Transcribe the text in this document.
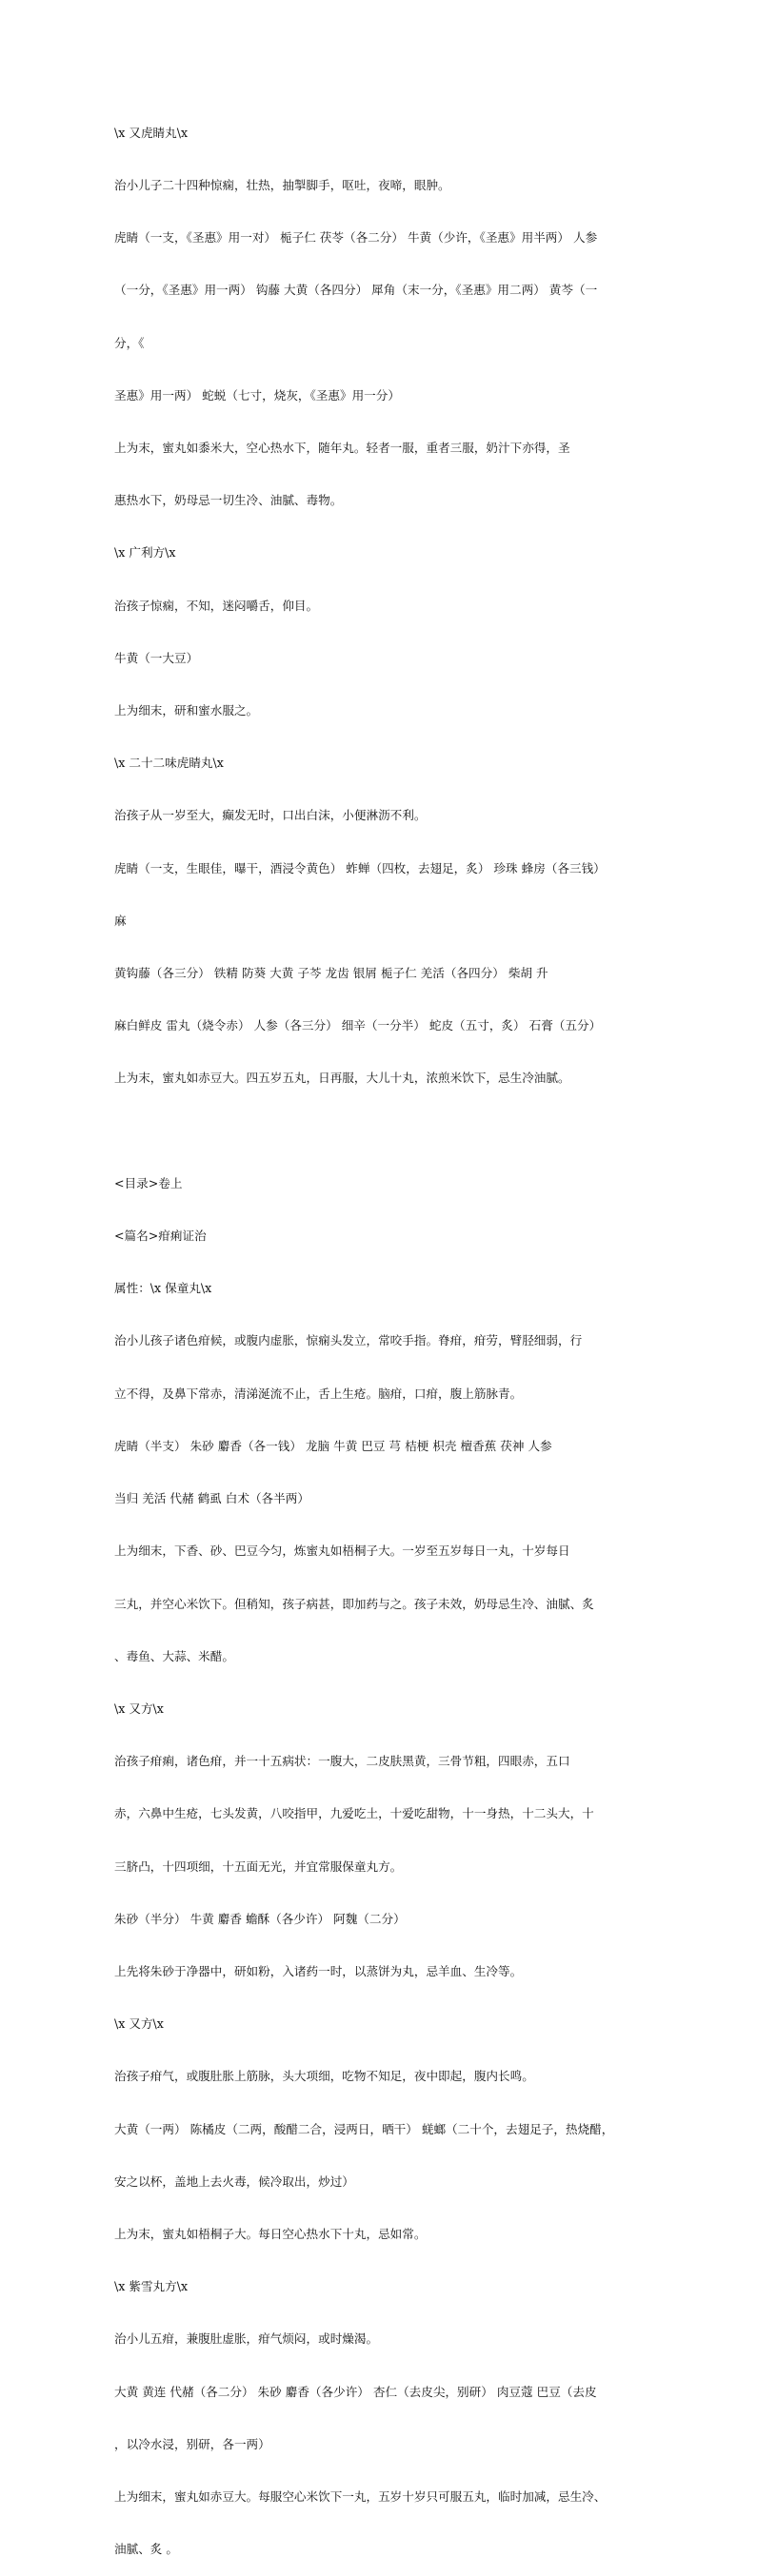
\x 又虎睛丸\x

治小儿子二十四种惊痫，壮热，抽掣脚手，呕吐，夜啼，眼肿。

虎睛（一支，《圣惠》用一对） 栀子仁 茯苓（各二分） 牛黄（少许，《圣惠》用半两） 人参

（一分，《圣惠》用一两） 钩藤 大黄（各四分） 犀角（末一分，《圣惠》用二两） 黄芩（一

分，《

圣惠》用一两） 蛇蜕（七寸，烧灰，《圣惠》用一分）

上为末，蜜丸如黍米大，空心热水下，随年丸。轻者一服，重者三服，奶汁下亦得，圣

惠热水下，奶母忌一切生冷、油腻、毒物。

\x 广利方\x

治孩子惊痫，不知，迷闷嚼舌，仰目。

牛黄（一大豆）

上为细末，研和蜜水服之。

\x 二十二味虎睛丸\x

治孩子从一岁至大，癫发无时，口出白沫，小便淋沥不利。

虎睛（一支，生眼佳，曝干，酒浸令黄色） 蚱蝉（四枚，去翅足，炙） 珍珠 蜂房（各三钱）

麻

黄钩藤（各三分） 铁精 防葵 大黄 子芩 龙齿 银屑 栀子仁 羌活（各四分） 柴胡 升

麻白鲜皮 雷丸（烧令赤） 人参（各三分） 细辛（一分半） 蛇皮（五寸，炙） 石膏（五分）

上为末，蜜丸如赤豆大。四五岁五丸，日再服，大儿十丸，浓煎米饮下，忌生冷油腻。

<目录>卷上

<篇名>疳痢证治

属性：\x 保童丸\x

治小儿孩子诸色疳候，或腹内虚胀，惊痫头发立，常咬手指。脊疳，疳劳，臂胫细弱，行

立不得，及鼻下常赤，清涕涎流不止，舌上生疮。脑疳，口疳，腹上筋脉青。

虎睛（半支） 朱砂 麝香（各一钱） 龙脑 牛黄 巴豆 芎 桔梗 枳壳 檀香蕉 茯神 人参

当归 羌活 代赭 鹤虱 白术（各半两）

上为细末，下香、砂、巴豆今匀，炼蜜丸如梧桐子大。一岁至五岁每日一丸，十岁每日

三丸，并空心米饮下。但稍知，孩子病甚，即加药与之。孩子未效，奶母忌生冷、油腻、炙

、毒鱼、大蒜、米醋。

\x 又方\x

治孩子疳痢，诸色疳，并一十五病状：一腹大，二皮肤黑黄，三骨节粗，四眼赤，五口

赤，六鼻中生疮，七头发黄，八咬指甲，九爱吃土，十爱吃甜物，十一身热，十二头大，十

三脐凸，十四项细，十五面无光，并宜常服保童丸方。

朱砂（半分） 牛黄 麝香 蟾酥（各少许） 阿魏（二分）

上先将朱砂于净器中，研如粉，入诸药一时，以蒸饼为丸，忌羊血、生冷等。

\x 又方\x

治孩子疳气，或腹肚胀上筋脉，头大项细，吃物不知足，夜中即起，腹内长鸣。

大黄（一两） 陈橘皮（二两，酸醋二合，浸两日，晒干） 蜣螂（二十个，去翅足子，热烧醋，

安之以杯，盖地上去火毒，候冷取出，炒过）

上为末，蜜丸如梧桐子大。每日空心热水下十丸，忌如常。

\x 紫雪丸方\x

治小儿五疳，兼腹肚虚胀，疳气烦闷，或时燥渴。

大黄 黄连 代赭（各二分） 朱砂 麝香（各少许） 杏仁（去皮尖，别研） 肉豆蔻 巴豆（去皮

，以冷水浸，别研，各一两）

上为细末，蜜丸如赤豆大。每服空心米饮下一丸，五岁十岁只可服五丸，临时加减，忌生冷、

油腻、炙 。
